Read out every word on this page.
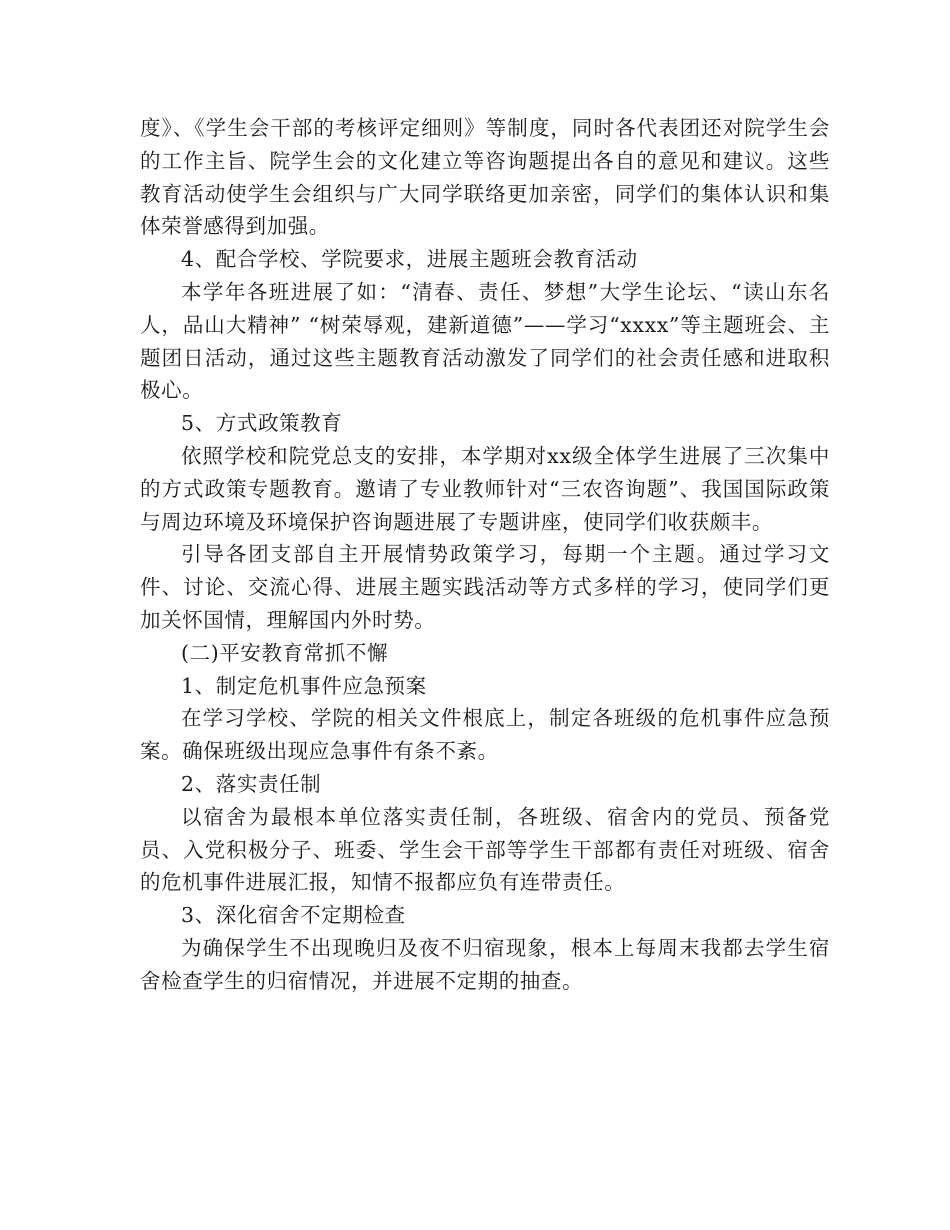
度》、《学生会干部的考核评定细则》等制度，同时各代表团还对院学生会的工作主旨、院学生会的文化建立等咨询题提出各自的意见和建议。这些教育活动使学生会组织与广大同学联络更加亲密，同学们的集体认识和集体荣誉感得到加强。

4、配合学校、学院要求，进展主题班会教育活动

本学年各班进展了如：“清春、责任、梦想”大学生论坛、“读山东名人，品山大精神” “树荣辱观，建新道德”——学习“xxxx”等主题班会、主题团日活动，通过这些主题教育活动激发了同学们的社会责任感和进取积极心。

5、方式政策教育

依照学校和院党总支的安排，本学期对xx级全体学生进展了三次集中的方式政策专题教育。邀请了专业教师针对“三农咨询题”、我国国际政策与周边环境及环境保护咨询题进展了专题讲座，使同学们收获颇丰。

引导各团支部自主开展情势政策学习，每期一个主题。通过学习文件、讨论、交流心得、进展主题实践活动等方式多样的学习，使同学们更加关怀国情，理解国内外时势。

(二)平安教育常抓不懈

1、制定危机事件应急预案

在学习学校、学院的相关文件根底上，制定各班级的危机事件应急预案。确保班级出现应急事件有条不紊。

2、落实责任制

以宿舍为最根本单位落实责任制，各班级、宿舍内的党员、预备党员、入党积极分子、班委、学生会干部等学生干部都有责任对班级、宿舍的危机事件进展汇报，知情不报都应负有连带责任。

3、深化宿舍不定期检查

为确保学生不出现晚归及夜不归宿现象，根本上每周末我都去学生宿舍检查学生的归宿情况，并进展不定期的抽查。
